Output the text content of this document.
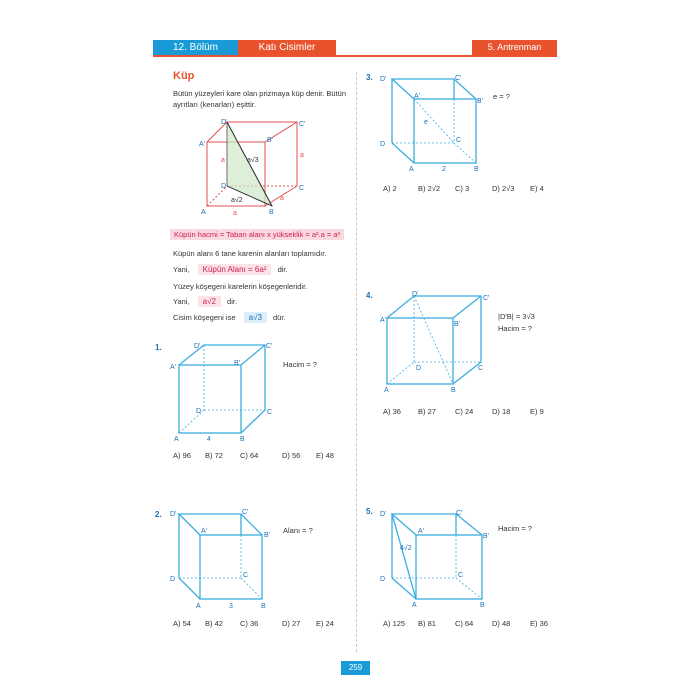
12. Bölüm	Katı Cisimler	5. Antrenman
Küp
Bütün yüzeyleri kare olan prizmaya küp denir. Bütün
ayrıtları (kenarları) eşittir.
A'
D'	C'
B'
C
D
A	B
a
a
a
a
a√3
a√2
Küpün hacmi = Taban alanı x yükseklik = a².a = a³
Küpün alanı 6 tane karenin alanları toplamıdır.
Yani, Küpün Alanı = 6a² dir.
Yüzey köşegeni karelerin köşegenleridir.
Yani, a√2 dir.
Cisim köşegeni ise a√3 dür.
1.
A'
D'	C'
B'
C
D
A	B
4
Hacim = ?
A) 96 B) 72 C) 64	D) 56 E) 48
2. D'
A'
C'
B'
D
C
A	B
3
Alanı = ?
A) 54 B) 42 C) 36	D) 27 E) 24
3. D'
A'
C'
B'
D
C
A	B
2
e
e = ?
A) 2	B) 2√2 C) 3	D) 2√3 E) 4
4.
A'
D'
C'
B'
C
D
A	B
|D'B| = 3√3
Hacim = ?
A) 36 B) 27	C) 24 D) 18	E) 9
5. D'
A'
C'
B'
D
C
A	B
4√2
Hacim = ?
A) 125 B) 81	C) 64 D) 48	E) 36
259
